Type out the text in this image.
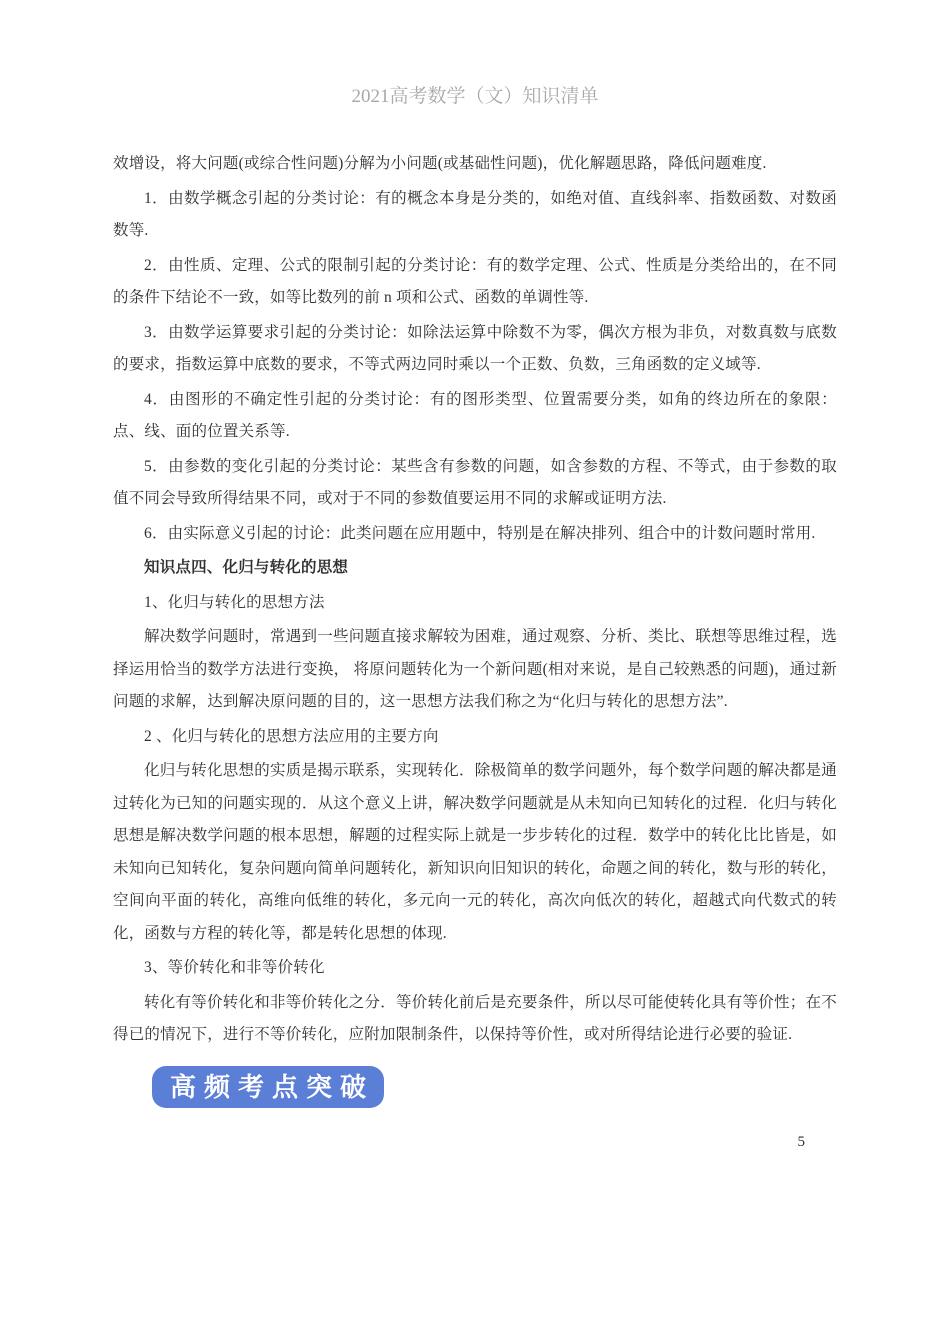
2021高考数学（文）知识清单

效增设，将大问题(或综合性问题)分解为小问题(或基础性问题)，优化解题思路，降低问题难度.

1．由数学概念引起的分类讨论：有的概念本身是分类的，如绝对值、直线斜率、指数函数、对数函数等.

2．由性质、定理、公式的限制引起的分类讨论：有的数学定理、公式、性质是分类给出的，在不同的条件下结论不一致，如等比数列的前 n 项和公式、函数的单调性等.

3．由数学运算要求引起的分类讨论：如除法运算中除数不为零，偶次方根为非负，对数真数与底数的要求，指数运算中底数的要求，不等式两边同时乘以一个正数、负数，三角函数的定义域等.

4．由图形的不确定性引起的分类讨论：有的图形类型、位置需要分类，如角的终边所在的象限：点、线、面的位置关系等.

5．由参数的变化引起的分类讨论：某些含有参数的问题，如含参数的方程、不等式，由于参数的取值不同会导致所得结果不同，或对于不同的参数值要运用不同的求解或证明方法.

6．由实际意义引起的讨论：此类问题在应用题中，特别是在解决排列、组合中的计数问题时常用.

知识点四、化归与转化的思想

1、化归与转化的思想方法

解决数学问题时，常遇到一些问题直接求解较为困难，通过观察、分析、类比、联想等思维过程，选择运用恰当的数学方法进行变换， 将原问题转化为一个新问题(相对来说，是自己较熟悉的问题)，通过新问题的求解，达到解决原问题的目的，这一思想方法我们称之为“化归与转化的思想方法”.

2 、化归与转化的思想方法应用的主要方向

化归与转化思想的实质是揭示联系，实现转化．除极简单的数学问题外，每个数学问题的解决都是通过转化为已知的问题实现的．从这个意义上讲，解决数学问题就是从未知向已知转化的过程．化归与转化思想是解决数学问题的根本思想，解题的过程实际上就是一步步转化的过程．数学中的转化比比皆是，如未知向已知转化，复杂问题向简单问题转化，新知识向旧知识的转化，命题之间的转化，数与形的转化，空间向平面的转化，高维向低维的转化，多元向一元的转化，高次向低次的转化，超越式向代数式的转化，函数与方程的转化等，都是转化思想的体现.

3、等价转化和非等价转化

转化有等价转化和非等价转化之分．等价转化前后是充要条件，所以尽可能使转化具有等价性；在不得已的情况下，进行不等价转化，应附加限制条件，以保持等价性，或对所得结论进行必要的验证.

高频考点突破
5
